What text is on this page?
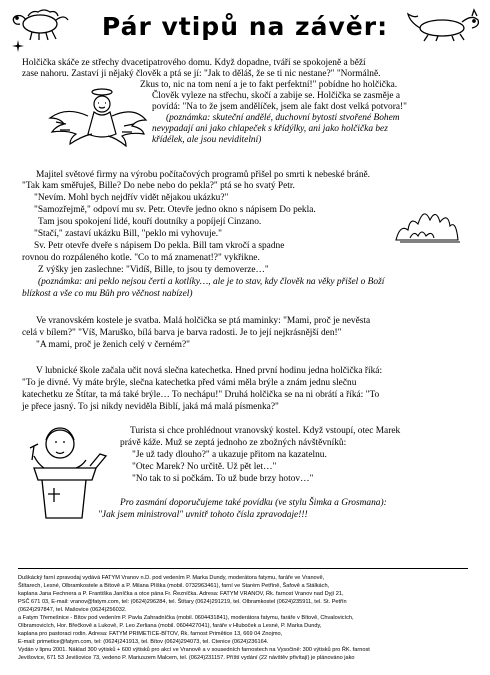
Pár vtipů na závěr:

Holčička skáče ze střechy dvacetipatrového domu. Když dopadne, tváří se spokojeně a běží

zase nahoru. Zastaví ji nějaký člověk a ptá se jí: "Jak to děláš, že se ti nic nestane?" "Normálně.

Zkus to, nic na tom není a je to fakt perfektní!" pobídne ho holčička.

Člověk vyleze na střechu, skočí a zabije se. Holčička se zasměje a

povídá: "Na to že jsem andělíček, jsem ale fakt dost velká potvora!"

(poznámka: skuteční andělé, duchovní bytosti stvořené Bohem

nevypadají ani jako chlapeček s křídýlky, ani jako holčička bez

křídélek, ale jsou neviditelní)

Majitel světové firmy na výrobu počítačových programů přišel po smrti k nebeské bráně.

"Tak kam směřuješ, Bille? Do nebe nebo do pekla?" ptá se ho svatý Petr.

"Nevím. Mohl bych nejdřív vidět nějakou ukázku?"

"Samozřejmě," odpoví mu sv. Petr. Otevře jedno okno s nápisem Do pekla.

Tam jsou spokojení lidé, kouří doutníky a popíjejí Cinzano.

"Stačí," zastaví ukázku Bill, "peklo mi vyhovuje."

Sv. Petr otevře dveře s nápisem Do pekla. Bill tam vkročí a spadne

rovnou do rozpáleného kotle. "Co to má znamenat!?" vykřikne.

Z výšky jen zaslechne: "Vidíš, Bille, to jsou ty demoverze…"

(poznámka: ani peklo nejsou čerti a kotlíky…, ale je to stav, kdy člověk na věky přišel o Boží

blízkost a vše co mu Bůh pro věčnost nabízel)

Ve vranovském kostele je svatba. Malá holčička se ptá maminky: "Mami, proč je nevěsta

celá v bílem?" "Víš, Maruško, bílá barva je barva radosti. Je to její nejkrásnější den!"

"A mami, proč je ženich celý v černém?"

V lubnické škole začala učit nová slečna katechetka. Hned první hodinu jedna holčička říká:

"To je divné. Vy máte brýle, slečna katechetka před vámi měla brýle a znám jednu slečnu

katechetku ze Štítar, ta má také brýle… To nechápu!" Druhá holčička se na ni obrátí a říká: "To

je přece jasný. To jsi nikdy neviděla Biblí, jaká má malá písmenka?"

Turista si chce prohlédnout vranovský kostel. Když vstoupí, otec Marek

právě káže. Muž se zeptá jednoho ze zbožných návštěvníků:

"Je už tady dlouho?" a ukazuje přitom na kazatelnu.

"Otec Marek? No určitě. Už pět let…"

"No tak to si počkám. To už bude brzy hotov…"

Pro zasmání doporučujeme také povídku (ve stylu Šimka a Grosmana):

"Jak jsem ministroval" uvnitř tohoto čísla zpravodaje!!!

Duškácký farní zpravodaj vydává FATYM Vranov n.D. pod vedením P. Marka Dundy, moderátora fatymu, faráře ve Vranově,

Štítarech, Lesné, Olbramkostele a Bítově a P. Milana Plíška (mobil. 0732963461), farní ve Starém Petříně, Šafově a Stálkách,

kaplana Jana Fechnera a P. Františka Janíčka a otce pána Fr. Řezníčka. Adresa: FATYM VRANOV, Ŕk. farnost Vranov nad Dyjí 21,

PSČ 671 03, E-mail: vranov@fatym.com, tel: (0624)296284, tel. Štítary (0624)291219, tel. Olbramkostel (0624)235911, tel. St. Petřín

(0624)297847, tel. Mašovice (0624)256032.

a Fatym Třemešnice - Bítov pod vedením P. Pavla Zahradníčka (mobil. 0604431841), moderátora fatymu, faráře v Bítově, Chvalovicích,

Olbramovicích, Hor. Břečkově a Lukově, P. Leo Zerliana (mobil. 0604427041), faráře v Hluboček a Lesné, P. Marka Dundy,

kaplana pro pastoraci rodin. Adresa: FATYM PRIMETICE-BÍTOV, Ŕk. farnost Primětice 13, 669 04 Znojmo,

E-mail: primetice@fatym.com, tel: (0624)241913, tel. Bítov (0624)294073, tel. Ctenice (0624)236164.

Vydán v lipnu 2001. Náklad 300 výtisků + 600 výtisků pro akcí ve Vranově a v sousedních farnostech na Vysočině: 300 výtisků pro ŘK. farnost

Jevišovice, 671 53 Jevišovice 73, vedeno P. Mariuszem Malcem, tel. (0624)231157. Příští vydání (22 návštěv přivítají) je plánováno jako
